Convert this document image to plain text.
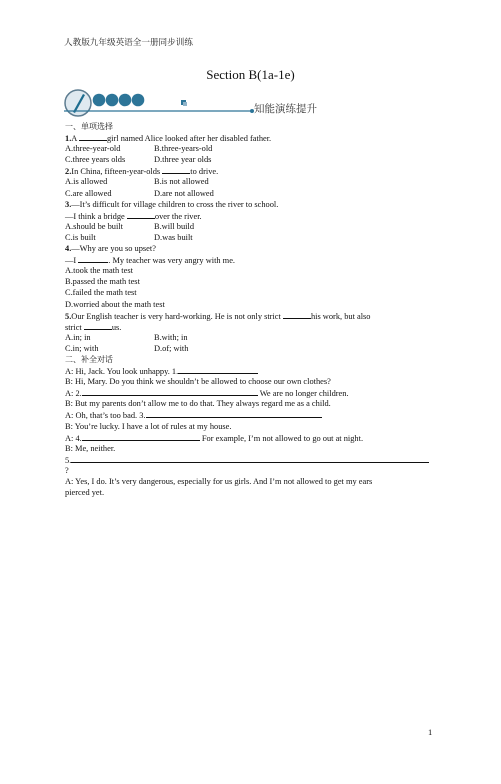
人教版九年级英语全一册同步训练
Section B(1a-1e)
知能演练提升
一、单项选择
1.A	girl named Alice looked after her disabled father.
A.three-year-old	B.three-years-old
C.three years olds	D.three year olds
2.In China, fifteen-year-olds	to drive.
A.is allowed	B.is not allowed
C.are allowed	D.are not allowed
3.—It’s difficult for village children to cross the river to school.
—I think a bridge	over the river.
A.should be built	B.will build
C.is built	D.was built
4.—Why are you so upset?
—I	. My teacher was very angry with me.
A.took the math test
B.passed the math test
C.failed the math test
D.worried about the math test
5.Our English teacher is very hard-working. He is not only strict	his work, but also
strict	us.
A.in; in	B.with; in
C.in; with	D.of; with
二、补全对话
A: Hi, Jack. You look unhappy. 1.
B: Hi, Mary. Do you think we shouldn’t be allowed to choose our own clothes?
A: 2.	We are no longer children.
B: But my parents don’t allow me to do that. They always regard me as a child.
A: Oh, that’s too bad. 3.
B: You’re lucky. I have a lot of rules at my house.
A: 4.	For example, I’m not allowed to go out at night.
B: Me, neither.
5.
?
A: Yes, I do. It’s very dangerous, especially for us girls. And I’m not allowed to get my ears
pierced yet.
1
